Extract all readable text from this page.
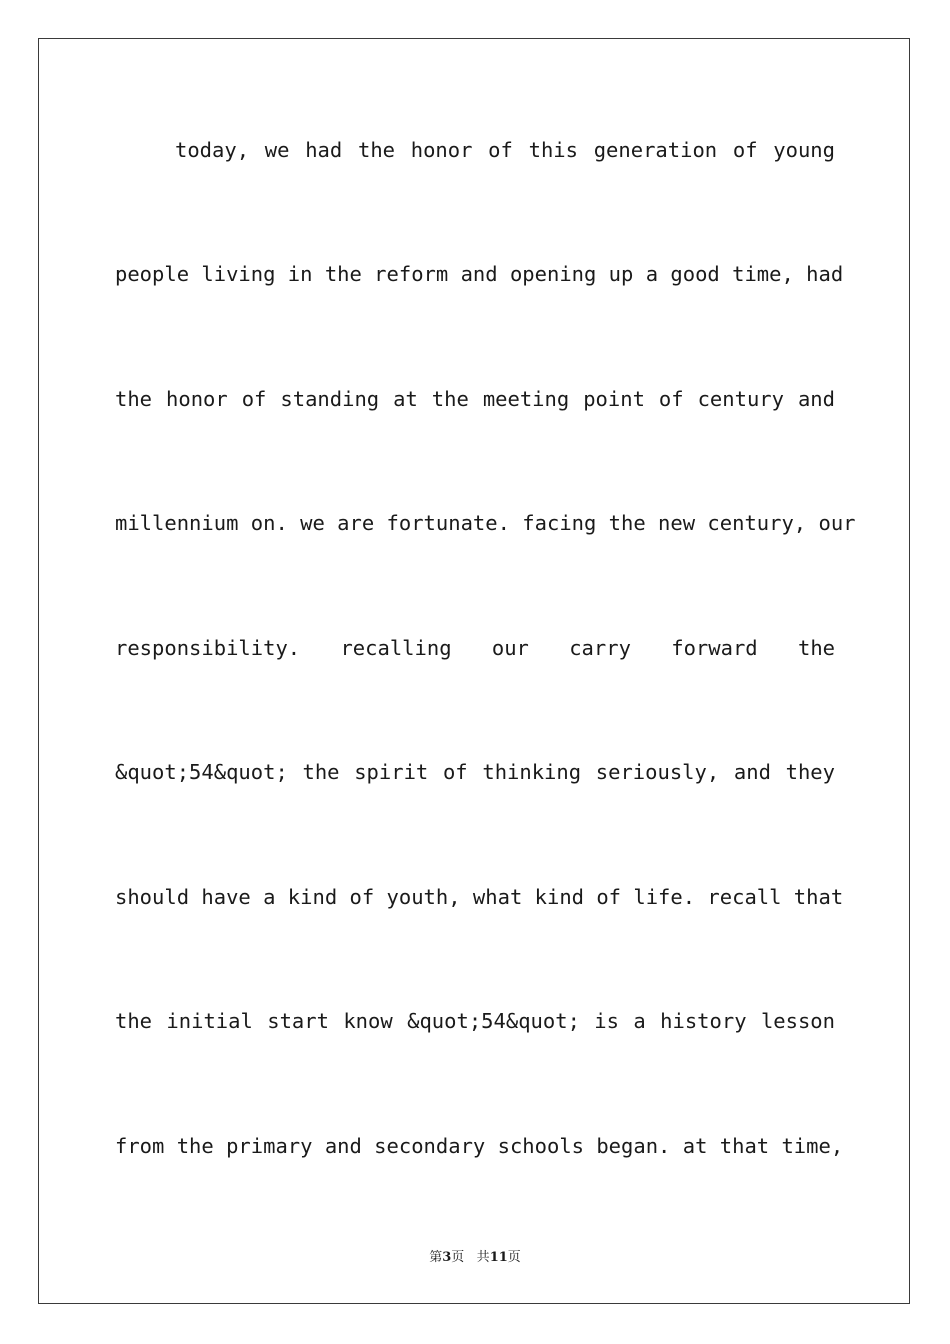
today, we had the honor of this generation of young
people living in the reform and opening up a good time, had
the honor of standing at the meeting point of century and
millennium on. we are fortunate. facing the new century, our
responsibility. recalling our carry forward the
&quot;54&quot; the spirit of thinking seriously, and they
should have a kind of youth, what kind of life. recall that
the initial start know &quot;54&quot; is a history lesson
from the primary and secondary schools began. at that time,
第3页 共11页
